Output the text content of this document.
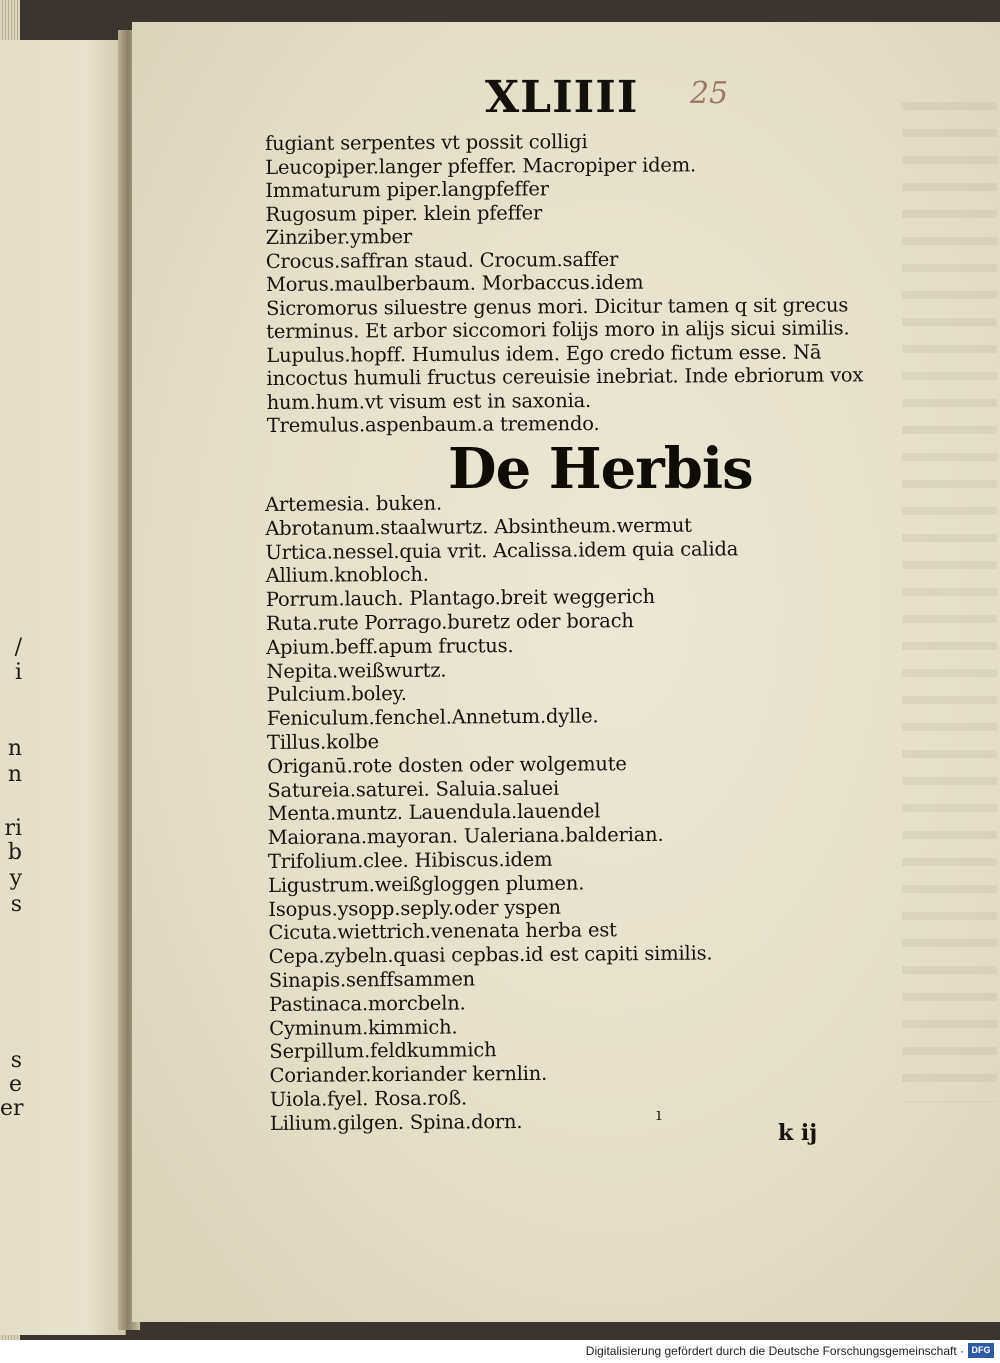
/
i
n
n
ri
b
y
s
s
e
er
XLIIII 25
fugiant serpentes vt possit colligi
Leucopiper.langer pfeffer. Macropiper idem.
Immaturum piper.langpfeffer
Rugosum piper. klein pfeffer
Zinziber.ymber
Crocus.saffran staud. Crocum.saffer
Morus.maulberbaum. Morbaccus.idem
Sicromorus siluestre genus mori. Dicitur tamen q sit grecus
terminus. Et arbor siccomori folijs moro in alijs sicui similis.
Lupulus.hopff. Humulus idem. Ego credo fictum esse. Nā
incoctus humuli fructus cereuisie inebriat. Inde ebriorum vox
hum.hum.vt visum est in saxonia.
Tremulus.aspenbaum.a tremendo.
De Herbis
Artemesia. buken.
Abrotanum.staalwurtz. Absintheum.wermut
Urtica.nessel.quia vrit. Acalissa.idem quia calida
Allium.knobloch.
Porrum.lauch. Plantago.breit weggerich
Ruta.rute Porrago.buretz oder borach
Apium.beff.apum fructus.
Nepita.weißwurtz.
Pulcium.boley.
Feniculum.fenchel.Annetum.dylle.
Tillus.kolbe
Origanū.rote dosten oder wolgemute
Satureia.saturei. Saluia.saluei
Menta.muntz. Lauendula.lauendel
Maiorana.mayoran. Ualeriana.balderian.
Trifolium.clee. Hibiscus.idem
Ligustrum.weißgloggen plumen.
Isopus.ysopp.seply.oder yspen
Cicuta.wiettrich.venenata herba est
Cepa.zybeln.quasi cepbas.id est capiti similis.
Sinapis.senffsammen
Pastinaca.morcbeln.
Cyminum.kimmich.
Serpillum.feldkummich
Coriander.koriander kernlin.
Uiola.fyel. Rosa.roß.
Lilium.gilgen. Spina.dorn.	ı
k ij
Digitalisierung gefördert durch die Deutsche Forschungsgemeinschaft · DFG
